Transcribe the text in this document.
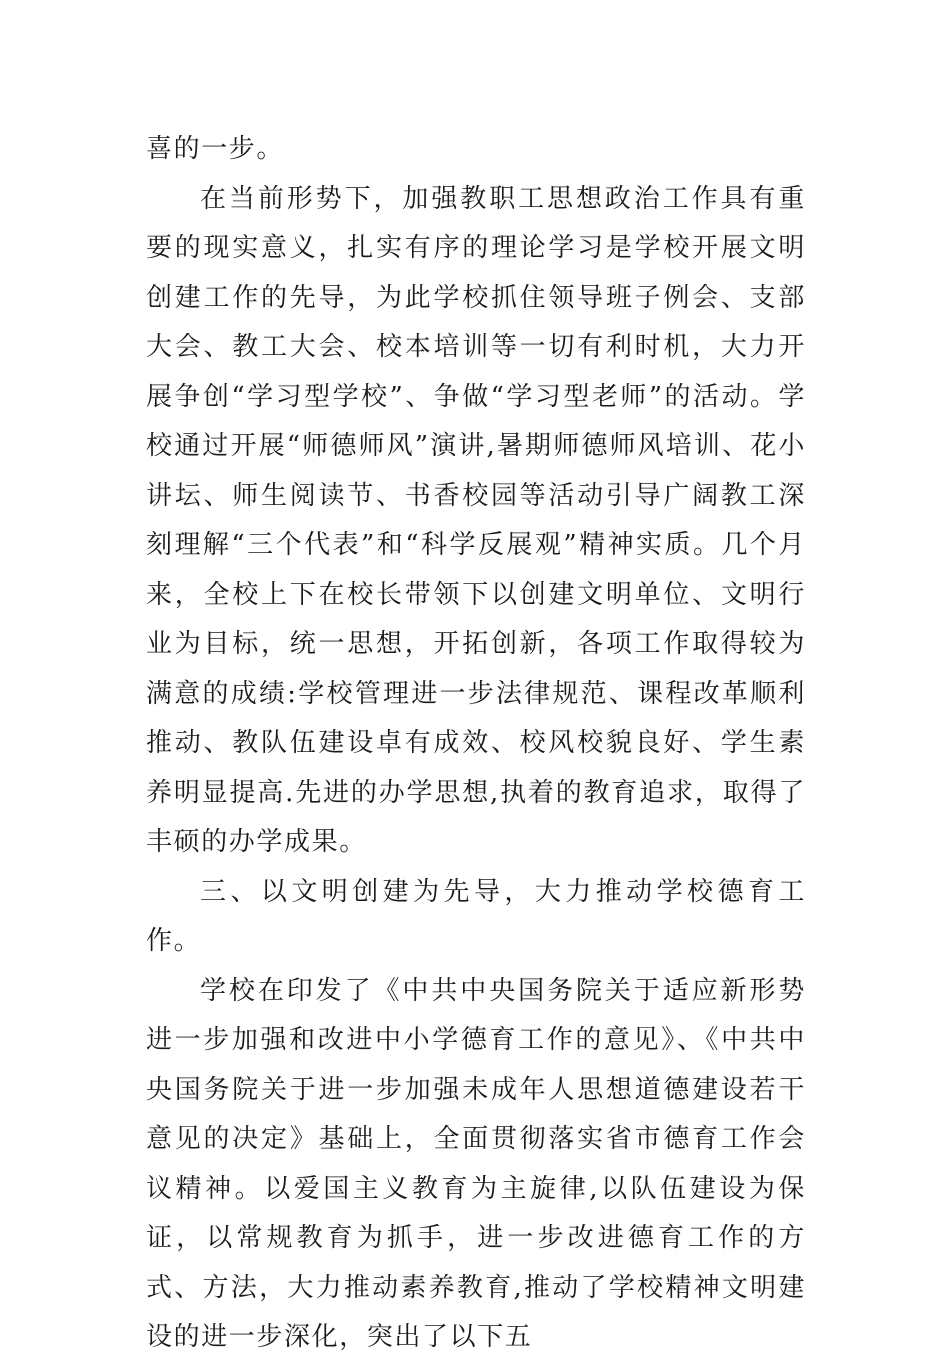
喜的一步。

在当前形势下，加强教职工思想政治工作具有重要的现实意义，扎实有序的理论学习是学校开展文明创建工作的先导，为此学校抓住领导班子例会、支部大会、教工大会、校本培训等一切有利时机，大力开展争创“学习型学校”、争做“学习型老师”的活动。学校通过开展“师德师风”演讲,暑期师德师风培训、花小讲坛、师生阅读节、书香校园等活动引导广阔教工深刻理解“三个代表”和“科学反展观”精神实质。几个月来，全校上下在校长带领下以创建文明单位、文明行业为目标，统一思想，开拓创新，各项工作取得较为满意的成绩:学校管理进一步法律规范、课程改革顺利推动、教队伍建设卓有成效、校风校貌良好、学生素养明显提高.先进的办学思想,执着的教育追求，取得了丰硕的办学成果。

三、以文明创建为先导，大力推动学校德育工作。

学校在印发了《中共中央国务院关于适应新形势进一步加强和改进中小学德育工作的意见》、《中共中央国务院关于进一步加强未成年人思想道德建设若干意见的决定》基础上，全面贯彻落实省市德育工作会议精神。以爱国主义教育为主旋律,以队伍建设为保证，以常规教育为抓手，进一步改进德育工作的方式、方法，大力推动素养教育,推动了学校精神文明建设的进一步深化，突出了以下五
